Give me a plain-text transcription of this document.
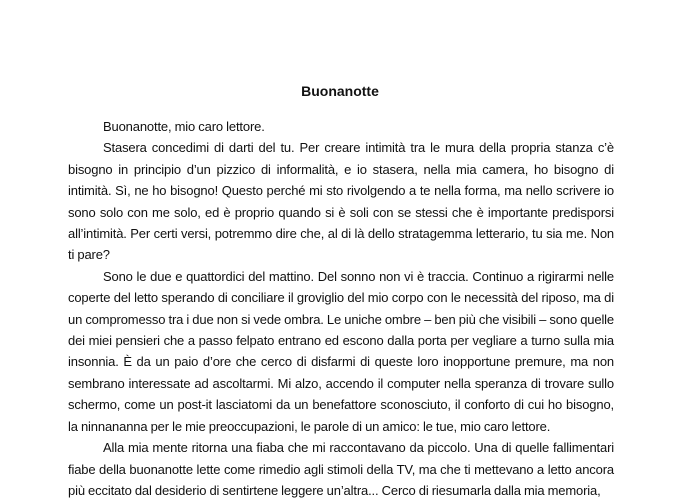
Buonanotte

Buonanotte, mio caro lettore.

Stasera concedimi di darti del tu. Per creare intimità tra le mura della propria stanza c’è bisogno in principio d’un pizzico di informalità, e io stasera, nella mia camera, ho bisogno di intimità. Sì, ne ho bisogno! Questo perché mi sto rivolgendo a te nella forma, ma nello scrivere io sono solo con me solo, ed è proprio quando si è soli con se stessi che è importante predisporsi all’intimità. Per certi versi, potremmo dire che, al di là dello stratagemma letterario, tu sia me. Non ti pare?

Sono le due e quattordici del mattino. Del sonno non vi è traccia. Continuo a rigirarmi nelle coperte del letto sperando di conciliare il groviglio del mio corpo con le necessità del riposo, ma di un compromesso tra i due non si vede ombra. Le uniche ombre – ben più che visibili – sono quelle dei miei pensieri che a passo felpato entrano ed escono dalla porta per vegliare a turno sulla mia insonnia. È da un paio d’ore che cerco di disfarmi di queste loro inopportune premure, ma non sembrano interessate ad ascoltarmi. Mi alzo, accendo il computer nella speranza di trovare sullo schermo, come un post-it lasciatomi da un benefattore sconosciuto, il conforto di cui ho bisogno, la ninnananna per le mie preoccupazioni, le parole di un amico: le tue, mio caro lettore.

Alla mia mente ritorna una fiaba che mi raccontavano da piccolo. Una di quelle fallimentari fiabe della buonanotte lette come rimedio agli stimoli della TV, ma che ti mettevano a letto ancora più eccitato dal desiderio di sentirtene leggere un’altra... Cerco di riesumarla dalla mia memoria,
